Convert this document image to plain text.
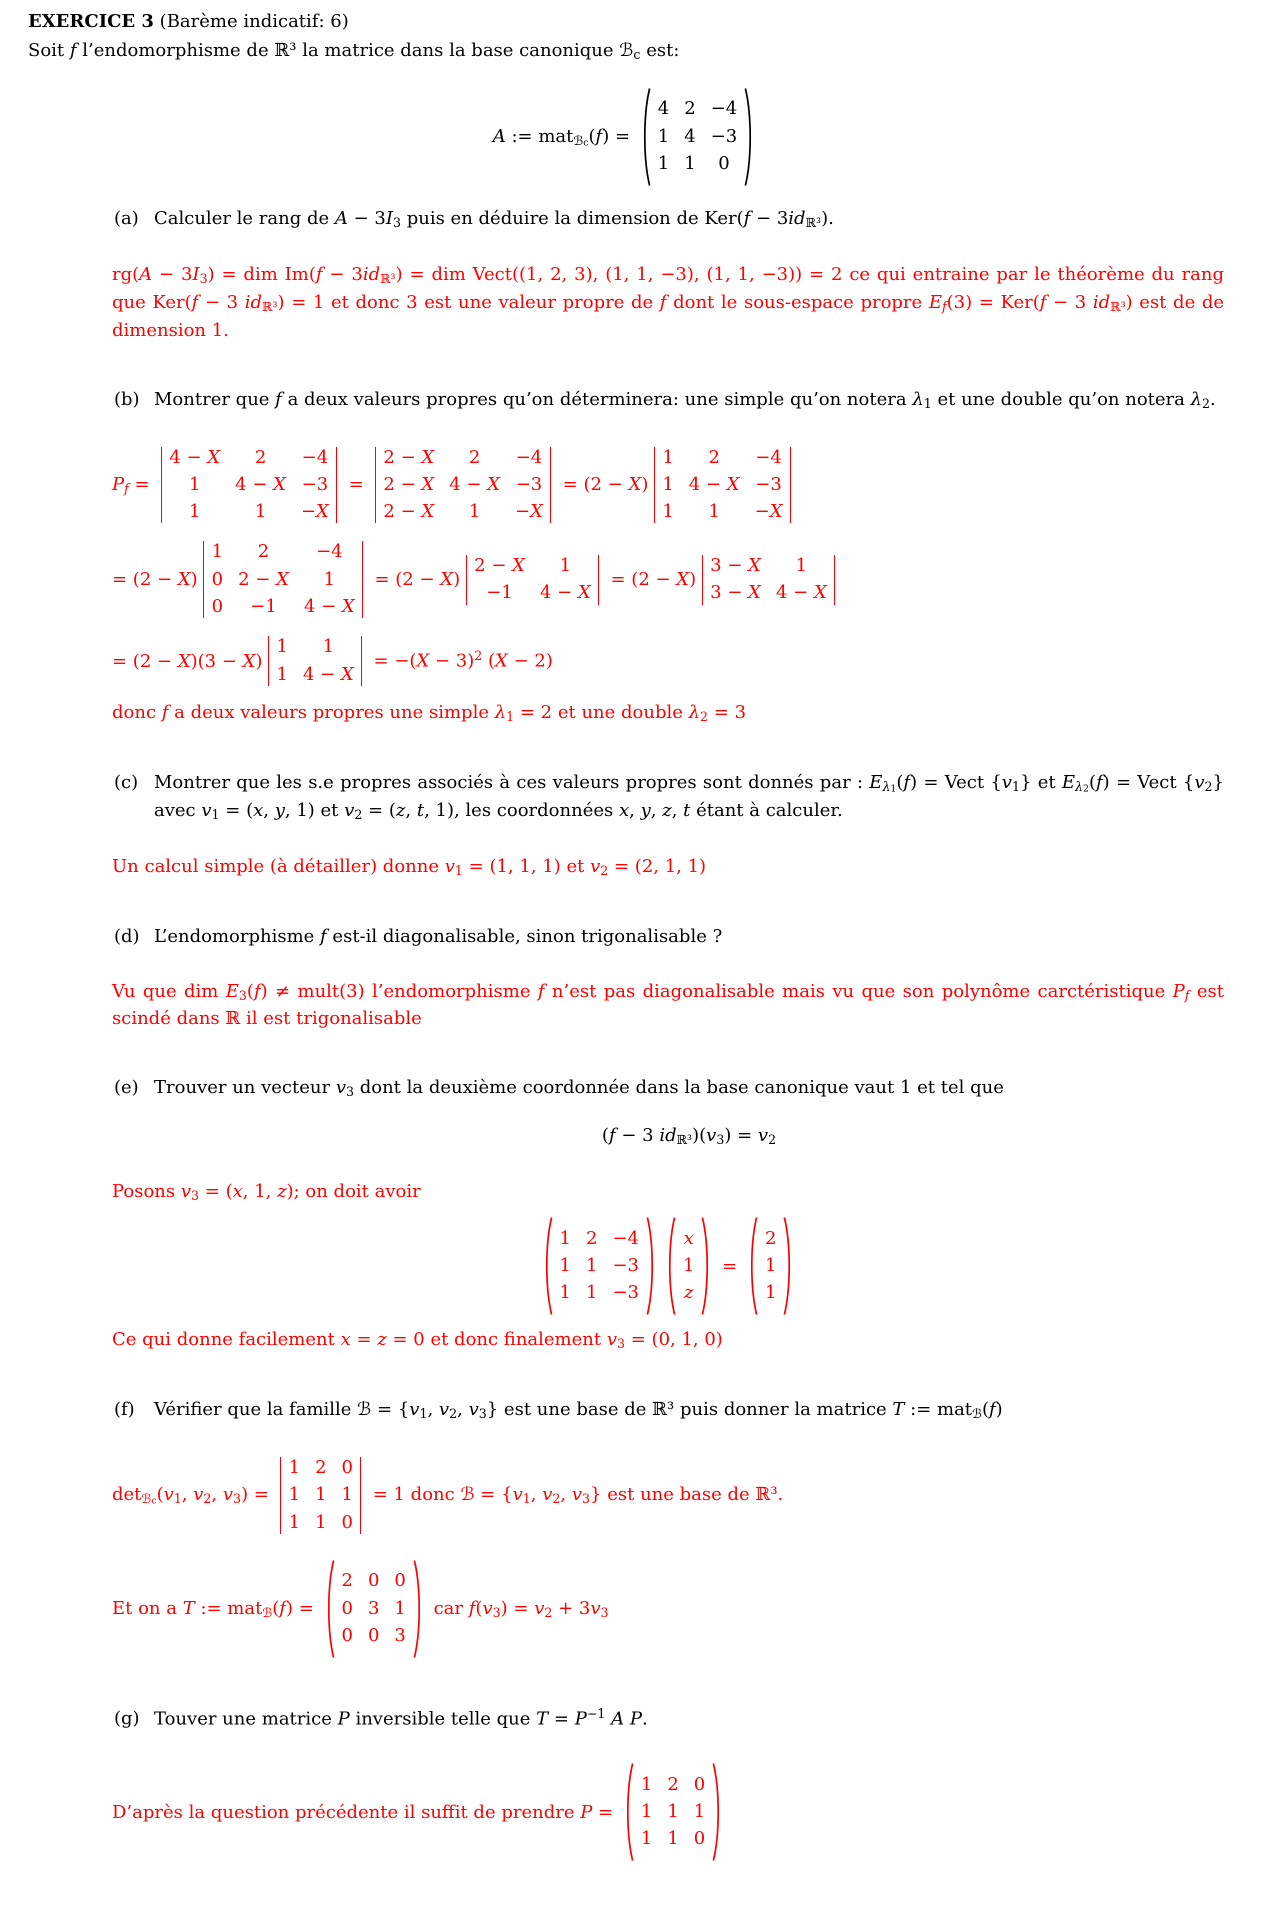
EXERCICE 3 (Barème indicatif: 6)
Soit f l’endomorphisme de ℝ³ la matrice dans la base canonique ℬc est:
A := matℬc(f) =
4 2 −4
1 4 −3
1 1 0
(a) Calculer le rang de A − 3I3 puis en déduire la dimension de Ker(f − 3idℝ³).
rg(A − 3I3) = dim Im(f − 3idℝ³) = dim Vect((1, 2, 3), (1, 1, −3), (1, 1, −3)) = 2 ce qui entraine par le théorème du rang que Ker(f − 3 idℝ³) = 1 et donc 3 est une valeur propre de f dont le sous-espace propre Ef(3) = Ker(f − 3 idℝ³) est de de dimension 1.
(b) Montrer que f a deux valeurs propres qu’on déterminera: une simple qu’on notera λ1 et une double qu’on notera λ2.
Pf =
4 − X 2 −4
1 4 − X −3
1	1 −X
=
2 − X 2 −4
2 − X 4 − X −3
2 − X 1 −X
= (2 − X)
1 2 −4
1 4 − X −3
1 1 −X
= (2 − X)
1 2	−4
0 2 − X 1
0 −1 4 − X
= (2 − X)
2 − X 1
−1 4 − X
= (2 − X)
3 − X 1
3 − X 4 − X
= (2 − X)(3 − X)
1 1
1 4 − X
= $-(X - 3)^2$ (X − 2)
donc f a deux valeurs propres une simple λ1 = 2 et une double λ2 = 3
(c) Montrer que les s.e propres associés à ces valeurs propres sont donnés par : Eλ1(f) = Vect {v1} et Eλ2(f) = Vect {v2} avec v1 = (x, y, 1) et v2 = (z, t, 1), les coordonnées x, y, z, t étant à calculer.
Un calcul simple (à détailler) donne v1 = (1, 1, 1) et v2 = (2, 1, 1)
(d) L’endomorphisme f est-il diagonalisable, sinon trigonalisable ?
Vu que dim E3(f) ≠ mult(3) l’endomorphisme f n’est pas diagonalisable mais vu que son polynôme carctéristique Pf est scindé dans ℝ il est trigonalisable
(e) Trouver un vecteur v3 dont la deuxième coordonnée dans la base canonique vaut 1 et tel que
(f − 3 idℝ³)(v3) = v2
Posons v3 = (x, 1, z); on doit avoir
1 2 −4
1 1 −3
1 1 −3
x
1
z
=
2
1
1
Ce qui donne facilement x = z = 0 et donc finalement v3 = (0, 1, 0)
(f)	Vérifier que la famille ℬ = {v1, v2, v3} est une base de ℝ³ puis donner la matrice T := matℬ(f)
detℬc(v1, v2, v3) =
1 2 0
1 1 1
1 1 0
= 1 donc ℬ = {v1, v2, v3} est une base de ℝ³.
Et on a T := matℬ(f) =
2 0 0
0 3 1
0 0 3
car f(v3) = v2 + 3v3
(g) Touver une matrice P inversible telle que $T = P^{-1}$ A P.
D’après la question précédente il suffit de prendre P =
1 2 0
1 1 1
1 1 0
